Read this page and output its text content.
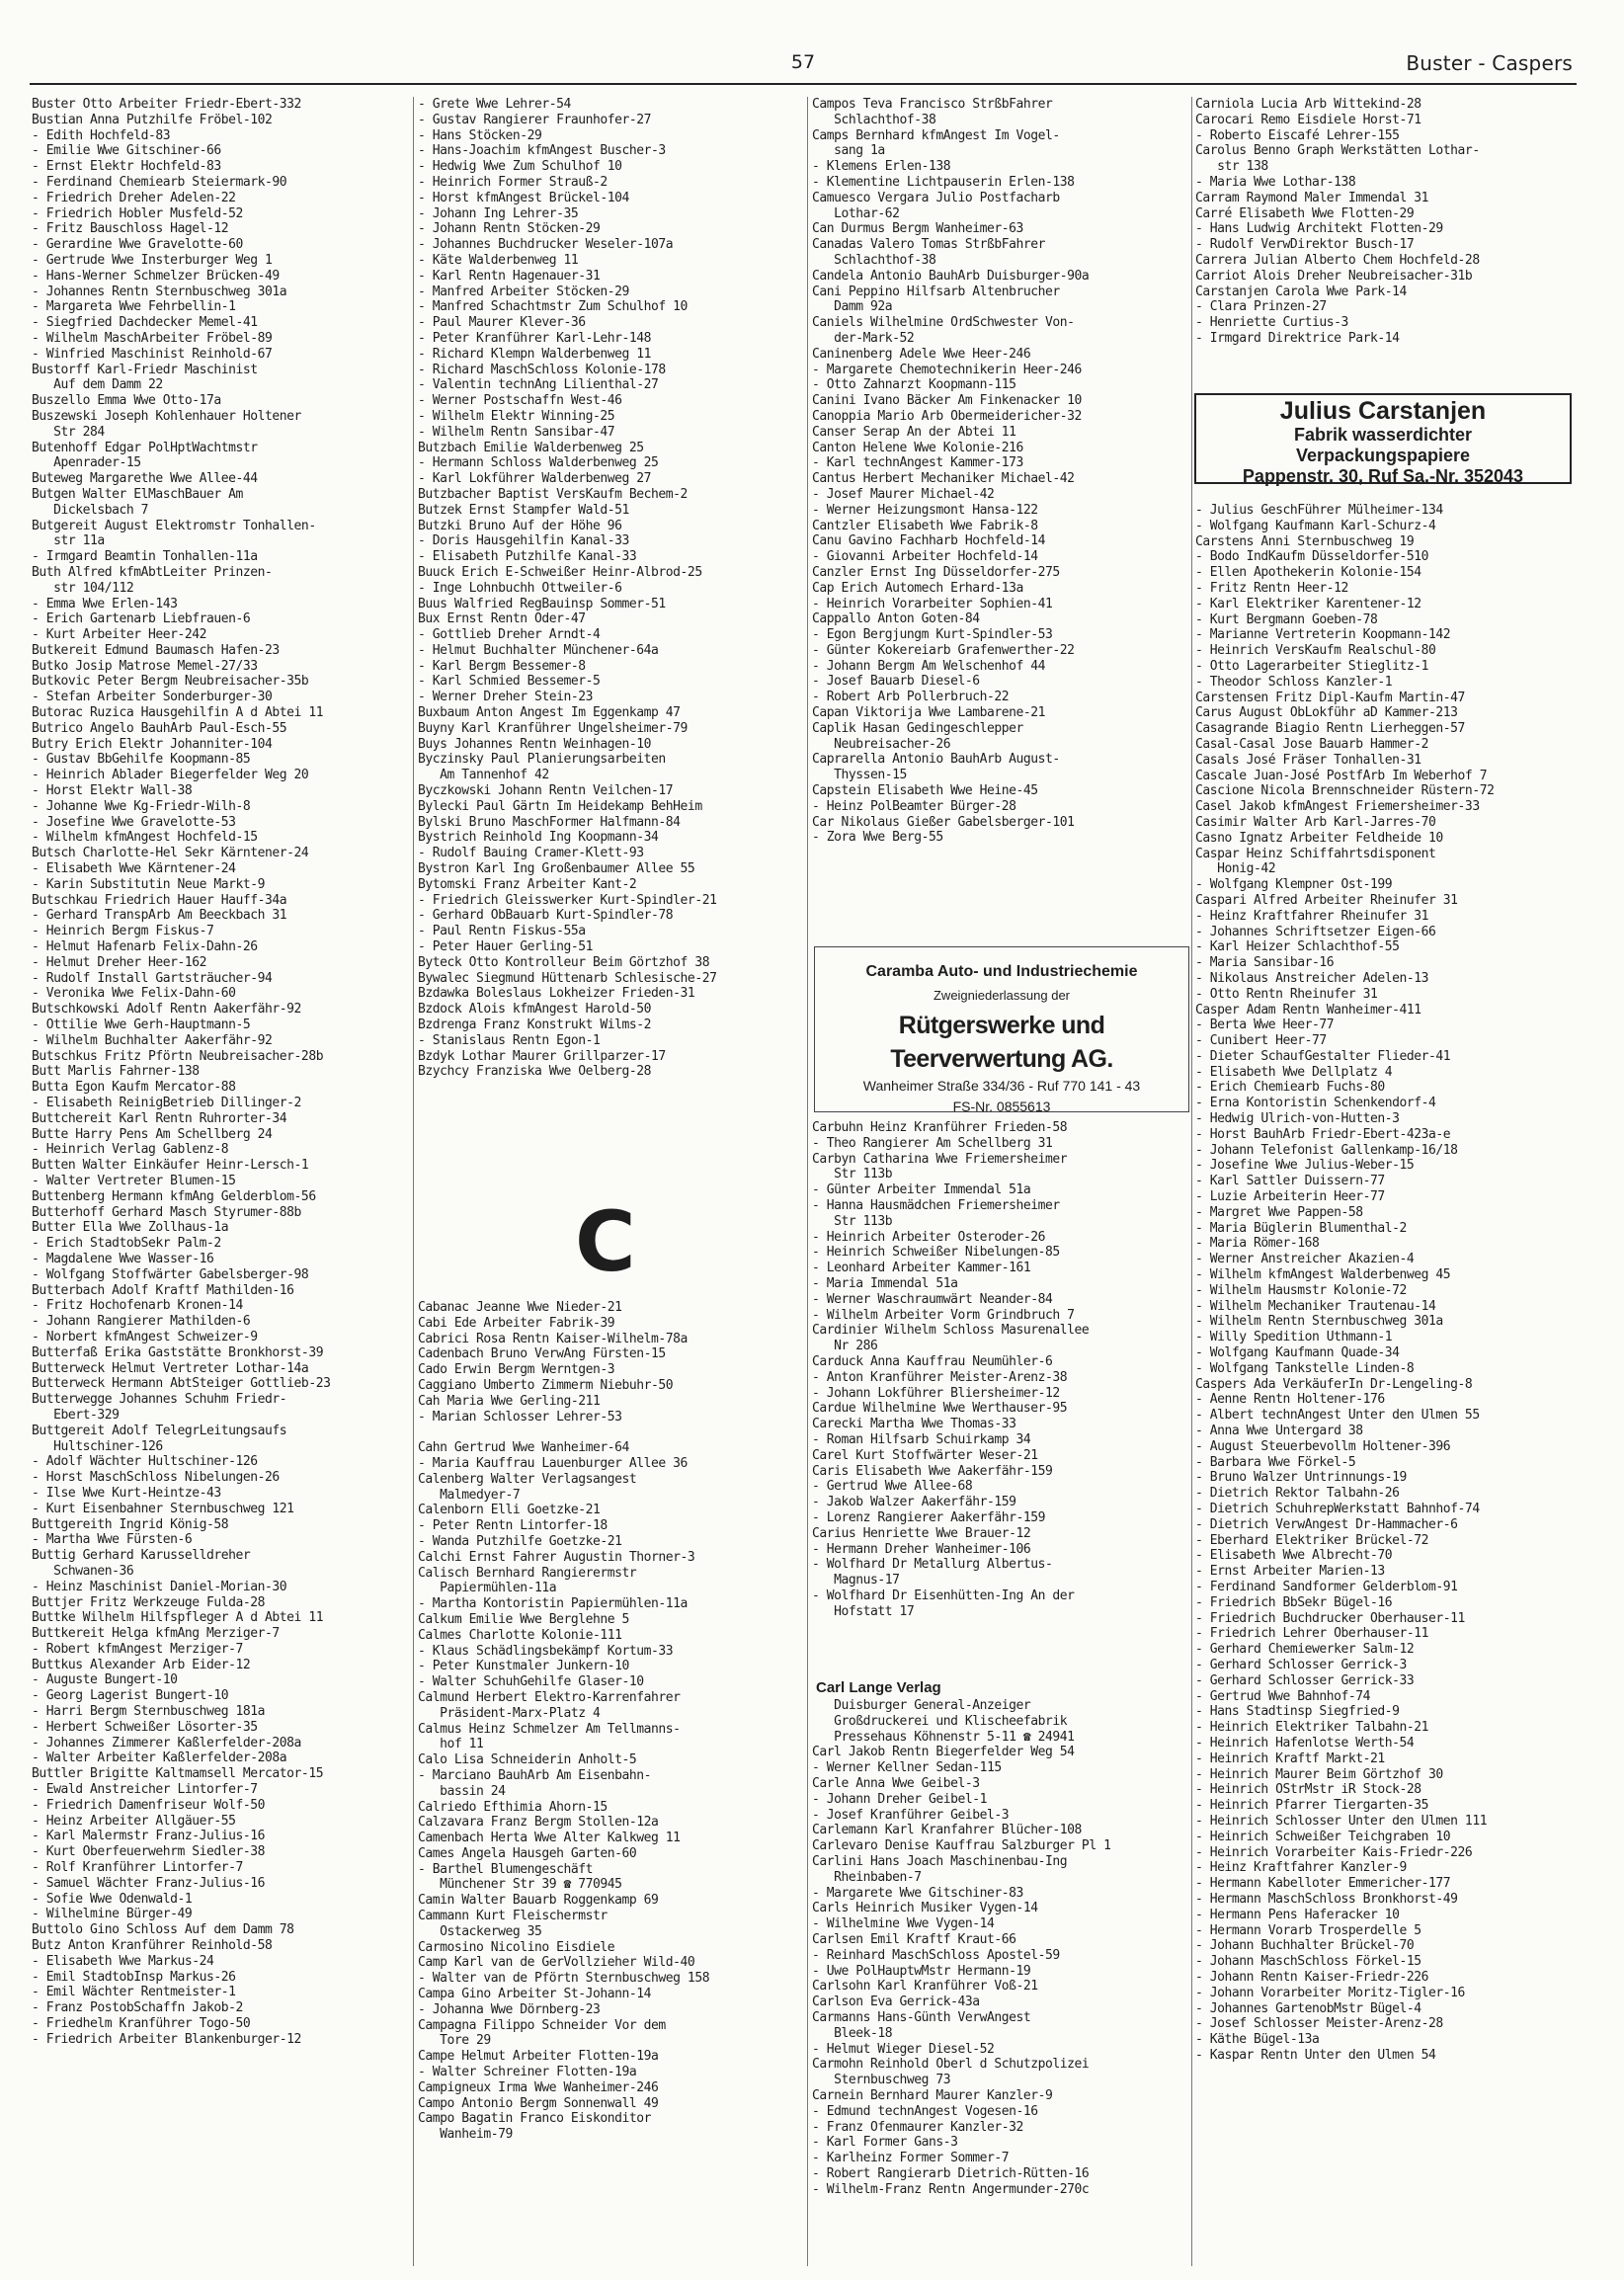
57	Buster - Caspers
Buster Otto Arbeiter Friedr-Ebert-332
Bustian Anna Putzhilfe Fröbel-102
- Edith Hochfeld-83
- Emilie Wwe Gitschiner-66
- Ernst Elektr Hochfeld-83
- Ferdinand Chemiearb Steiermark-90
- Friedrich Dreher Adelen-22
- Friedrich Hobler Musfeld-52
- Fritz Bauschloss Hagel-12
- Gerardine Wwe Gravelotte-60
- Gertrude Wwe Insterburger Weg 1
- Hans-Werner Schmelzer Brücken-49
- Johannes Rentn Sternbuschweg 301a
- Margareta Wwe Fehrbellin-1
- Siegfried Dachdecker Memel-41
- Wilhelm MaschArbeiter Fröbel-89
- Winfried Maschinist Reinhold-67
Bustorff Karl-Friedr Maschinist
Auf dem Damm 22
Buszello Emma Wwe Otto-17a
Buszewski Joseph Kohlenhauer Holtener
Str 284
Butenhoff Edgar PolHptWachtmstr
Apenrader-15
Buteweg Margarethe Wwe Allee-44
Butgen Walter ElMaschBauer Am
Dickelsbach 7
Butgereit August Elektromstr Tonhallen-
str 11a
- Irmgard Beamtin Tonhallen-11a
Buth Alfred kfmAbtLeiter Prinzen-
str 104/112
- Emma Wwe Erlen-143
- Erich Gartenarb Liebfrauen-6
- Kurt Arbeiter Heer-242
Butkereit Edmund Baumasch Hafen-23
Butko Josip Matrose Memel-27/33
Butkovic Peter Bergm Neubreisacher-35b
- Stefan Arbeiter Sonderburger-30
Butorac Ruzica Hausgehilfin A d Abtei 11
Butrico Angelo BauhArb Paul-Esch-55
Butry Erich Elektr Johanniter-104
- Gustav BbGehilfe Koopmann-85
- Heinrich Ablader Biegerfelder Weg 20
- Horst Elektr Wall-38
- Johanne Wwe Kg-Friedr-Wilh-8
- Josefine Wwe Gravelotte-53
- Wilhelm kfmAngest Hochfeld-15
Butsch Charlotte-Hel Sekr Kärntener-24
- Elisabeth Wwe Kärntener-24
- Karin Substitutin Neue Markt-9
Butschkau Friedrich Hauer Hauff-34a
- Gerhard TranspArb Am Beeckbach 31
- Heinrich Bergm Fiskus-7
- Helmut Hafenarb Felix-Dahn-26
- Helmut Dreher Heer-162
- Rudolf Install Gartsträucher-94
- Veronika Wwe Felix-Dahn-60
Butschkowski Adolf Rentn Aakerfähr-92
- Ottilie Wwe Gerh-Hauptmann-5
- Wilhelm Buchhalter Aakerfähr-92
Butschkus Fritz Pförtn Neubreisacher-28b
Butt Marlis Fahrner-138
Butta Egon Kaufm Mercator-88
- Elisabeth ReinigBetrieb Dillinger-2
Buttchereit Karl Rentn Ruhrorter-34
Butte Harry Pens Am Schellberg 24
- Heinrich Verlag Gablenz-8
Butten Walter Einkäufer Heinr-Lersch-1
- Walter Vertreter Blumen-15
Buttenberg Hermann kfmAng Gelderblom-56
Butterhoff Gerhard Masch Styrumer-88b
Butter Ella Wwe Zollhaus-1a
- Erich StadtobSekr Palm-2
- Magdalene Wwe Wasser-16
- Wolfgang Stoffwärter Gabelsberger-98
Butterbach Adolf Kraftf Mathilden-16
- Fritz Hochofenarb Kronen-14
- Johann Rangierer Mathilden-6
- Norbert kfmAngest Schweizer-9
Butterfaß Erika Gaststätte Bronkhorst-39
Butterweck Helmut Vertreter Lothar-14a
Butterweck Hermann AbtSteiger Gottlieb-23
Butterwegge Johannes Schuhm Friedr-
Ebert-329
Buttgereit Adolf TelegrLeitungsaufs
Hultschiner-126
- Adolf Wächter Hultschiner-126
- Horst MaschSchloss Nibelungen-26
- Ilse Wwe Kurt-Heintze-43
- Kurt Eisenbahner Sternbuschweg 121
Buttgereith Ingrid König-58
- Martha Wwe Fürsten-6
Buttig Gerhard Karusselldreher
Schwanen-36
- Heinz Maschinist Daniel-Morian-30
Buttjer Fritz Werkzeuge Fulda-28
Buttke Wilhelm Hilfspfleger A d Abtei 11
Buttkereit Helga kfmAng Merziger-7
- Robert kfmAngest Merziger-7
Buttkus Alexander Arb Eider-12
- Auguste Bungert-10
- Georg Lagerist Bungert-10
- Harri Bergm Sternbuschweg 181a
- Herbert Schweißer Lösorter-35
- Johannes Zimmerer Kaßlerfelder-208a
- Walter Arbeiter Kaßlerfelder-208a
Buttler Brigitte Kaltmamsell Mercator-15
- Ewald Anstreicher Lintorfer-7
- Friedrich Damenfriseur Wolf-50
- Heinz Arbeiter Allgäuer-55
- Karl Malermstr Franz-Julius-16
- Kurt Oberfeuerwehrm Siedler-38
- Rolf Kranführer Lintorfer-7
- Samuel Wächter Franz-Julius-16
- Sofie Wwe Odenwald-1
- Wilhelmine Bürger-49
Buttolo Gino Schloss Auf dem Damm 78
Butz Anton Kranführer Reinhold-58
- Elisabeth Wwe Markus-24
- Emil StadtobInsp Markus-26
- Emil Wächter Rentmeister-1
- Franz PostobSchaffn Jakob-2
- Friedhelm Kranführer Togo-50
- Friedrich Arbeiter Blankenburger-12
- Grete Wwe Lehrer-54
- Gustav Rangierer Fraunhofer-27
- Hans Stöcken-29
- Hans-Joachim kfmAngest Buscher-3
- Hedwig Wwe Zum Schulhof 10
- Heinrich Former Strauß-2
- Horst kfmAngest Brückel-104
- Johann Ing Lehrer-35
- Johann Rentn Stöcken-29
- Johannes Buchdrucker Weseler-107a
- Käte Walderbenweg 11
- Karl Rentn Hagenauer-31
- Manfred Arbeiter Stöcken-29
- Manfred Schachtmstr Zum Schulhof 10
- Paul Maurer Klever-36
- Peter Kranführer Karl-Lehr-148
- Richard Klempn Walderbenweg 11
- Richard MaschSchloss Kolonie-178
- Valentin technAng Lilienthal-27
- Werner Postschaffn West-46
- Wilhelm Elektr Winning-25
- Wilhelm Rentn Sansibar-47
Butzbach Emilie Walderbenweg 25
- Hermann Schloss Walderbenweg 25
- Karl Lokführer Walderbenweg 27
Butzbacher Baptist VersKaufm Bechem-2
Butzek Ernst Stampfer Wald-51
Butzki Bruno Auf der Höhe 96
- Doris Hausgehilfin Kanal-33
- Elisabeth Putzhilfe Kanal-33
Buuck Erich E-Schweißer Heinr-Albrod-25
- Inge Lohnbuchh Ottweiler-6
Buus Walfried RegBauinsp Sommer-51
Bux Ernst Rentn Oder-47
- Gottlieb Dreher Arndt-4
- Helmut Buchhalter Münchener-64a
- Karl Bergm Bessemer-8
- Karl Schmied Bessemer-5
- Werner Dreher Stein-23
Buxbaum Anton Angest Im Eggenkamp 47
Buyny Karl Kranführer Ungelsheimer-79
Buys Johannes Rentn Weinhagen-10
Byczinsky Paul Planierungsarbeiten
Am Tannenhof 42
Byczkowski Johann Rentn Veilchen-17
Bylecki Paul Gärtn Im Heidekamp BehHeim
Bylski Bruno MaschFormer Halfmann-84
Bystrich Reinhold Ing Koopmann-34
- Rudolf Bauing Cramer-Klett-93
Bystron Karl Ing Großenbaumer Allee 55
Bytomski Franz Arbeiter Kant-2
- Friedrich Gleisswerker Kurt-Spindler-21
- Gerhard ObBauarb Kurt-Spindler-78
- Paul Rentn Fiskus-55a
- Peter Hauer Gerling-51
Byteck Otto Kontrolleur Beim Görtzhof 38
Bywalec Siegmund Hüttenarb Schlesische-27
Bzdawka Boleslaus Lokheizer Frieden-31
Bzdock Alois kfmAngest Harold-50
Bzdrenga Franz Konstrukt Wilms-2
- Stanislaus Rentn Egon-1
Bzdyk Lothar Maurer Grillparzer-17
Bzychcy Franziska Wwe Oelberg-28
Cabanac Jeanne Wwe Nieder-21
Cabi Ede Arbeiter Fabrik-39
Cabrici Rosa Rentn Kaiser-Wilhelm-78a
Cadenbach Bruno VerwAng Fürsten-15
Cado Erwin Bergm Werntgen-3
Caggiano Umberto Zimmerm Niebuhr-50
Cah Maria Wwe Gerling-211
- Marian Schlosser Lehrer-53
Cahn Gertrud Wwe Wanheimer-64
- Maria Kauffrau Lauenburger Allee 36
Calenberg Walter Verlagsangest
Malmedyer-7
Calenborn Elli Goetzke-21
- Peter Rentn Lintorfer-18
- Wanda Putzhilfe Goetzke-21
Calchi Ernst Fahrer Augustin Thorner-3
Calisch Bernhard Rangierermstr
Papiermühlen-11a
- Martha Kontoristin Papiermühlen-11a
Calkum Emilie Wwe Berglehne 5
Calmes Charlotte Kolonie-111
- Klaus Schädlingsbekämpf Kortum-33
- Peter Kunstmaler Junkern-10
- Walter SchuhGehilfe Glaser-10
Calmund Herbert Elektro-Karrenfahrer
Präsident-Marx-Platz 4
Calmus Heinz Schmelzer Am Tellmanns-
hof 11
Calo Lisa Schneiderin Anholt-5
- Marciano BauhArb Am Eisenbahn-
bassin 24
Calriedo Efthimia Ahorn-15
Calzavara Franz Bergm Stollen-12a
Camenbach Herta Wwe Alter Kalkweg 11
Cames Angela Hausgeh Garten-60
- Barthel Blumengeschäft
Münchener Str 39 ☎ 770945
Camin Walter Bauarb Roggenkamp 69
Cammann Kurt Fleischermstr
Ostackerweg 35
Carmosino Nicolino Eisdiele
Camp Karl van de GerVollzieher Wild-40
- Walter van de Pförtn Sternbuschweg 158
Campa Gino Arbeiter St-Johann-14
- Johanna Wwe Dörnberg-23
Campagna Filippo Schneider Vor dem
Tore 29
Campe Helmut Arbeiter Flotten-19a
- Walter Schreiner Flotten-19a
Campigneux Irma Wwe Wanheimer-246
Campo Antonio Bergm Sonnenwall 49
Campo Bagatin Franco Eiskonditor
Wanheim-79
Campos Teva Francisco StrßbFahrer
Schlachthof-38
Camps Bernhard kfmAngest Im Vogel-
sang 1a
- Klemens Erlen-138
- Klementine Lichtpauserin Erlen-138
Camuesco Vergara Julio Postfacharb
Lothar-62
Can Durmus Bergm Wanheimer-63
Canadas Valero Tomas StrßbFahrer
Schlachthof-38
Candela Antonio BauhArb Duisburger-90a
Cani Peppino Hilfsarb Altenbrucher
Damm 92a
Caniels Wilhelmine OrdSchwester Von-
der-Mark-52
Caninenberg Adele Wwe Heer-246
- Margarete Chemotechnikerin Heer-246
- Otto Zahnarzt Koopmann-115
Canini Ivano Bäcker Am Finkenacker 10
Canoppia Mario Arb Obermeidericher-32
Canser Serap An der Abtei 11
Canton Helene Wwe Kolonie-216
- Karl technAngest Kammer-173
Cantus Herbert Mechaniker Michael-42
- Josef Maurer Michael-42
- Werner Heizungsmont Hansa-122
Cantzler Elisabeth Wwe Fabrik-8
Canu Gavino Fachharb Hochfeld-14
- Giovanni Arbeiter Hochfeld-14
Canzler Ernst Ing Düsseldorfer-275
Cap Erich Automech Erhard-13a
- Heinrich Vorarbeiter Sophien-41
Cappallo Anton Goten-84
- Egon Bergjungm Kurt-Spindler-53
- Günter Kokereiarb Grafenwerther-22
- Johann Bergm Am Welschenhof 44
- Josef Bauarb Diesel-6
- Robert Arb Pollerbruch-22
Capan Viktorija Wwe Lambarene-21
Caplik Hasan Gedingeschlepper
Neubreisacher-26
Caprarella Antonio BauhArb August-
Thyssen-15
Capstein Elisabeth Wwe Heine-45
- Heinz PolBeamter Bürger-28
Car Nikolaus Gießer Gabelsberger-101
- Zora Wwe Berg-55
Carbuhn Heinz Kranführer Frieden-58
- Theo Rangierer Am Schellberg 31
Carbyn Catharina Wwe Friemersheimer
Str 113b
- Günter Arbeiter Immendal 51a
- Hanna Hausmädchen Friemersheimer
Str 113b
- Heinrich Arbeiter Osteroder-26
- Heinrich Schweißer Nibelungen-85
- Leonhard Arbeiter Kammer-161
- Maria Immendal 51a
- Werner Waschraumwärt Neander-84
- Wilhelm Arbeiter Vorm Grindbruch 7
Cardinier Wilhelm Schloss Masurenallee
Nr 286
Carduck Anna Kauffrau Neumühler-6
- Anton Kranführer Meister-Arenz-38
- Johann Lokführer Bliersheimer-12
Cardue Wilhelmine Wwe Werthauser-95
Carecki Martha Wwe Thomas-33
- Roman Hilfsarb Schuirkamp 34
Carel Kurt Stoffwärter Weser-21
Caris Elisabeth Wwe Aakerfähr-159
- Gertrud Wwe Allee-68
- Jakob Walzer Aakerfähr-159
- Lorenz Rangierer Aakerfähr-159
Carius Henriette Wwe Brauer-12
- Hermann Dreher Wanheimer-106
- Wolfhard Dr Metallurg Albertus-
Magnus-17
- Wolfhard Dr Eisenhütten-Ing An der
Hofstatt 17
Duisburger General-Anzeiger
Großdruckerei und Klischeefabrik
Pressehaus Köhnenstr 5-11 ☎ 24941
Carl Jakob Rentn Biegerfelder Weg 54
- Werner Kellner Sedan-115
Carle Anna Wwe Geibel-3
- Johann Dreher Geibel-1
- Josef Kranführer Geibel-3
Carlemann Karl Kranfahrer Blücher-108
Carlevaro Denise Kauffrau Salzburger Pl 1
Carlini Hans Joach Maschinenbau-Ing
Rheinbaben-7
- Margarete Wwe Gitschiner-83
Carls Heinrich Musiker Vygen-14
- Wilhelmine Wwe Vygen-14
Carlsen Emil Kraftf Kraut-66
- Reinhard MaschSchloss Apostel-59
- Uwe PolHauptwMstr Hermann-19
Carlsohn Karl Kranführer Voß-21
Carlson Eva Gerrick-43a
Carmanns Hans-Günth VerwAngest
Bleek-18
- Helmut Wieger Diesel-52
Carmohn Reinhold Oberl d Schutzpolizei
Sternbuschweg 73
Carnein Bernhard Maurer Kanzler-9
- Edmund technAngest Vogesen-16
- Franz Ofenmaurer Kanzler-32
- Karl Former Gans-3
- Karlheinz Former Sommer-7
- Robert Rangierarb Dietrich-Rütten-16
- Wilhelm-Franz Rentn Angermunder-270c
Carniola Lucia Arb Wittekind-28
Carocari Remo Eisdiele Horst-71
- Roberto Eiscafé Lehrer-155
Carolus Benno Graph Werkstätten Lothar-
str 138
- Maria Wwe Lothar-138
Carram Raymond Maler Immendal 31
Carré Elisabeth Wwe Flotten-29
- Hans Ludwig Architekt Flotten-29
- Rudolf VerwDirektor Busch-17
Carrera Julian Alberto Chem Hochfeld-28
Carriot Alois Dreher Neubreisacher-31b
Carstanjen Carola Wwe Park-14
- Clara Prinzen-27
- Henriette Curtius-3
- Irmgard Direktrice Park-14
- Julius GeschFührer Mülheimer-134
- Wolfgang Kaufmann Karl-Schurz-4
Carstens Anni Sternbuschweg 19
- Bodo IndKaufm Düsseldorfer-510
- Ellen Apothekerin Kolonie-154
- Fritz Rentn Heer-12
- Karl Elektriker Karentener-12
- Kurt Bergmann Goeben-78
- Marianne Vertreterin Koopmann-142
- Heinrich VersKaufm Realschul-80
- Otto Lagerarbeiter Stieglitz-1
- Theodor Schloss Kanzler-1
Carstensen Fritz Dipl-Kaufm Martin-47
Carus August ObLokführ aD Kammer-213
Casagrande Biagio Rentn Lierheggen-57
Casal-Casal Jose Bauarb Hammer-2
Casals José Fräser Tonhallen-31
Cascale Juan-José PostfArb Im Weberhof 7
Cascione Nicola Brennschneider Rüstern-72
Casel Jakob kfmAngest Friemersheimer-33
Casimir Walter Arb Karl-Jarres-70
Casno Ignatz Arbeiter Feldheide 10
Caspar Heinz Schiffahrtsdisponent
Honig-42
- Wolfgang Klempner Ost-199
Caspari Alfred Arbeiter Rheinufer 31
- Heinz Kraftfahrer Rheinufer 31
- Johannes Schriftsetzer Eigen-66
- Karl Heizer Schlachthof-55
- Maria Sansibar-16
- Nikolaus Anstreicher Adelen-13
- Otto Rentn Rheinufer 31
Casper Adam Rentn Wanheimer-411
- Berta Wwe Heer-77
- Cunibert Heer-77
- Dieter SchaufGestalter Flieder-41
- Elisabeth Wwe Dellplatz 4
- Erich Chemiearb Fuchs-80
- Erna Kontoristin Schenkendorf-4
- Hedwig Ulrich-von-Hutten-3
- Horst BauhArb Friedr-Ebert-423a-e
- Johann Telefonist Gallenkamp-16/18
- Josefine Wwe Julius-Weber-15
- Karl Sattler Duissern-77
- Luzie Arbeiterin Heer-77
- Margret Wwe Pappen-58
- Maria Büglerin Blumenthal-2
- Maria Römer-168
- Werner Anstreicher Akazien-4
- Wilhelm kfmAngest Walderbenweg 45
- Wilhelm Hausmstr Kolonie-72
- Wilhelm Mechaniker Trautenau-14
- Wilhelm Rentn Sternbuschweg 301a
- Willy Spedition Uthmann-1
- Wolfgang Kaufmann Quade-34
- Wolfgang Tankstelle Linden-8
Caspers Ada VerkäuferIn Dr-Lengeling-8
- Aenne Rentn Holtener-176
- Albert technAngest Unter den Ulmen 55
- Anna Wwe Untergard 38
- August Steuerbevollm Holtener-396
- Barbara Wwe Förkel-5
- Bruno Walzer Untrinnungs-19
- Dietrich Rektor Talbahn-26
- Dietrich SchuhrepWerkstatt Bahnhof-74
- Dietrich VerwAngest Dr-Hammacher-6
- Eberhard Elektriker Brückel-72
- Elisabeth Wwe Albrecht-70
- Ernst Arbeiter Marien-13
- Ferdinand Sandformer Gelderblom-91
- Friedrich BbSekr Bügel-16
- Friedrich Buchdrucker Oberhauser-11
- Friedrich Lehrer Oberhauser-11
- Gerhard Chemiewerker Salm-12
- Gerhard Schlosser Gerrick-3
- Gerhard Schlosser Gerrick-33
- Gertrud Wwe Bahnhof-74
- Hans Stadtinsp Siegfried-9
- Heinrich Elektriker Talbahn-21
- Heinrich Hafenlotse Werth-54
- Heinrich Kraftf Markt-21
- Heinrich Maurer Beim Görtzhof 30
- Heinrich OStrMstr iR Stock-28
- Heinrich Pfarrer Tiergarten-35
- Heinrich Schlosser Unter den Ulmen 111
- Heinrich Schweißer Teichgraben 10
- Heinrich Vorarbeiter Kais-Friedr-226
- Heinz Kraftfahrer Kanzler-9
- Hermann Kabelloter Emmericher-177
- Hermann MaschSchloss Bronkhorst-49
- Hermann Pens Haferacker 10
- Hermann Vorarb Trosperdelle 5
- Johann Buchhalter Brückel-70
- Johann MaschSchloss Förkel-15
- Johann Rentn Kaiser-Friedr-226
- Johann Vorarbeiter Moritz-Tigler-16
- Johannes GartenobMstr Bügel-4
- Josef Schlosser Meister-Arenz-28
- Käthe Bügel-13a
- Kaspar Rentn Unter den Ulmen 54
Julius Carstanjen
Fabrik wasserdichter
Verpackungspapiere
Pappenstr. 30, Ruf Sa.-Nr. 352043
Caramba Auto- und Industriechemie
Zweigniederlassung der
Rütgerswerke und Teerverwertung AG.
Wanheimer Straße 334/36 - Ruf 770 141 - 43
FS-Nr. 0855613
C
Carl Lange Verlag
